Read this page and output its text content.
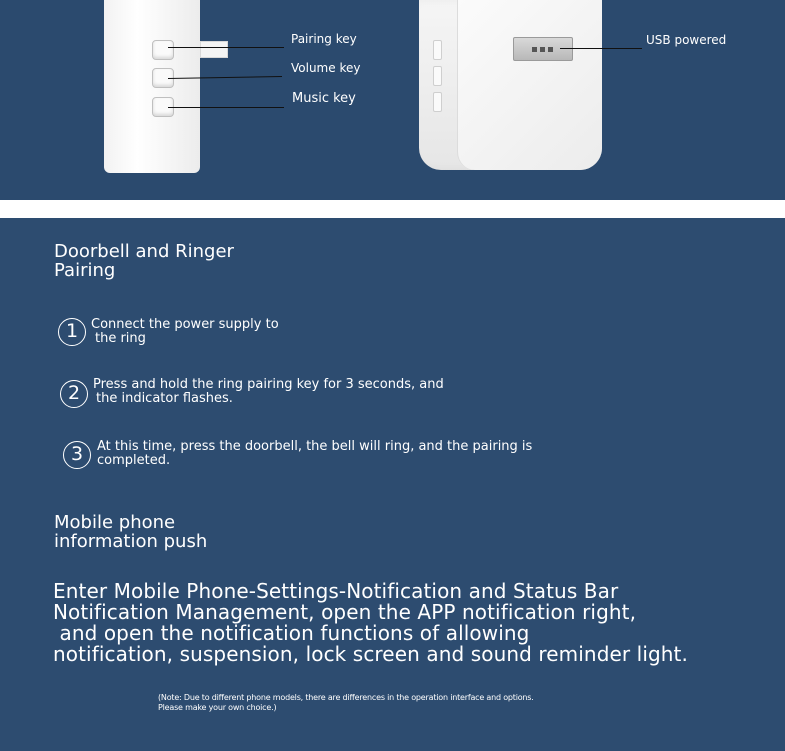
Pairing key
Volume key
Music key
USB powered
Doorbell and Ringer
Pairing
1 Connect the power supply to
the ring
2 Press and hold the ring pairing key for 3 seconds, and
the indicator flashes.
3	At this time, press the doorbell, the bell will ring, and the pairing is
completed.
Mobile phone
information push
Enter Mobile Phone-Settings-Notification and Status Bar
Notification Management, open the APP notification right,
and open the notification functions of allowing
notification, suspension, lock screen and sound reminder light.
(Note: Due to different phone models, there are differences in the operation interface and options.
Please make your own choice.)
